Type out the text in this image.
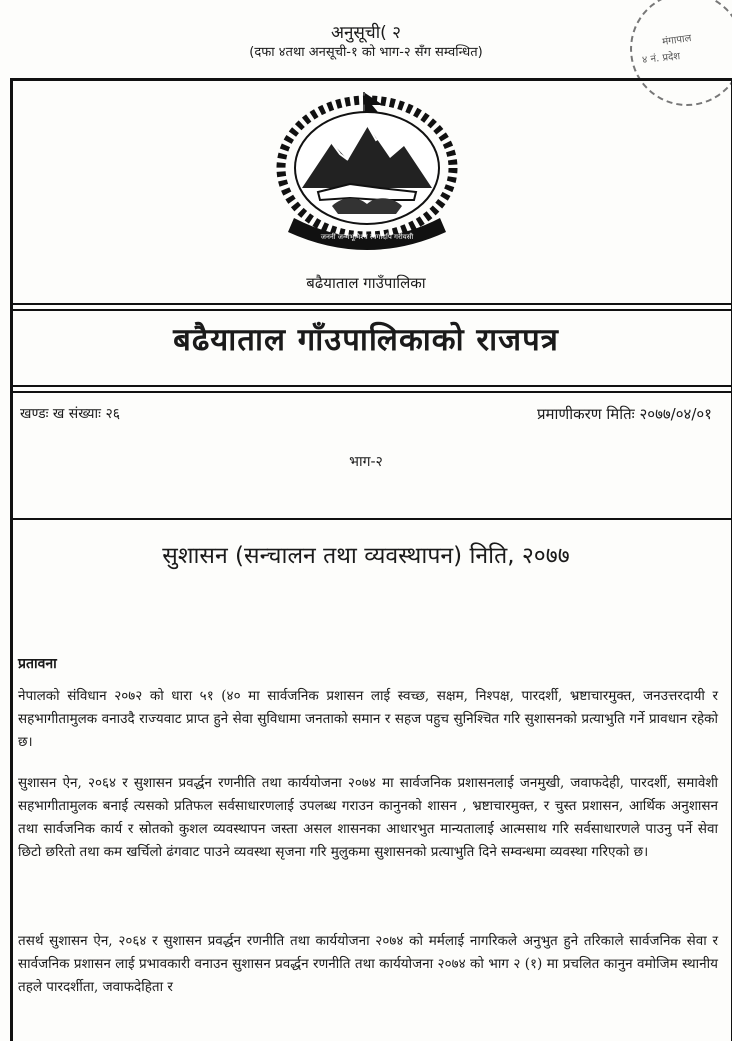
अनुसूची( २
(दफा ४तथा अनसूची-१ को भाग-२ सँग सम्वन्धित)
मंगापाल
४ नं. प्रदेश
जननी जन्मभूमिश्च स्वर्गादपि गरीयसी
बढैयाताल गाउँपालिका
बढैयाताल गाँउपालिकाको राजपत्र
खण्डः ख संख्याः २६	प्रमाणीकरण मितिः २०७७/०४/०१
भाग-२
सुशासन (सन्चालन तथा व्यवस्थापन) निति, २०७७
प्रतावना

नेपालको संविधान २०७२ को धारा ५१ (४० मा सार्वजनिक प्रशासन लाई स्वच्छ, सक्षम, निश्पक्ष, पारदर्शी, भ्रष्टाचारमुक्त, जनउत्तरदायी र सहभागीतामुलक वनाउदै राज्यवाट प्राप्त हुने सेवा सुविधामा जनताको समान र सहज पहुच सुनिश्चित गरि सुशासनको प्रत्याभुति गर्ने प्रावधान रहेको छ।

सुशासन ऐन, २०६४ र सुशासन प्रवर्द्धन रणनीति तथा कार्ययोजना २०७४ मा सार्वजनिक प्रशासनलाई जनमुखी, जवाफदेही, पारदर्शी, समावेशी सहभागीतामुलक बनाई त्यसको प्रतिफल सर्वसाधारणलाई उपलब्ध गराउन कानुनको शासन , भ्रष्टाचारमुक्त, र चुस्त प्रशासन, आर्थिक अनुशासन तथा सार्वजनिक कार्य र स्रोतको कुशल व्यवस्थापन जस्ता असल शासनका आधारभुत मान्यतालाई आत्मसाथ गरि सर्वसाधारणले पाउनु पर्ने सेवा छिटो छरितो तथा कम खर्चिलो ढंगवाट पाउने व्यवस्था सृजना गरि मुलुकमा सुशासनको प्रत्याभुति दिने सम्वन्धमा व्यवस्था गरिएको छ।

तसर्थ सुशासन ऐन, २०६४ र सुशासन प्रवर्द्धन रणनीति तथा कार्ययोजना २०७४ को मर्मलाई नागरिकले अनुभुत हुने तरिकाले सार्वजनिक सेवा र सार्वजनिक प्रशासन लाई प्रभावकारी वनाउन सुशासन प्रवर्द्धन रणनीति तथा कार्ययोजना २०७४ को भाग २ (१) मा प्रचलित कानुन वमोजिम स्थानीय तहले पारदर्शीता, जवाफदेहिता र
